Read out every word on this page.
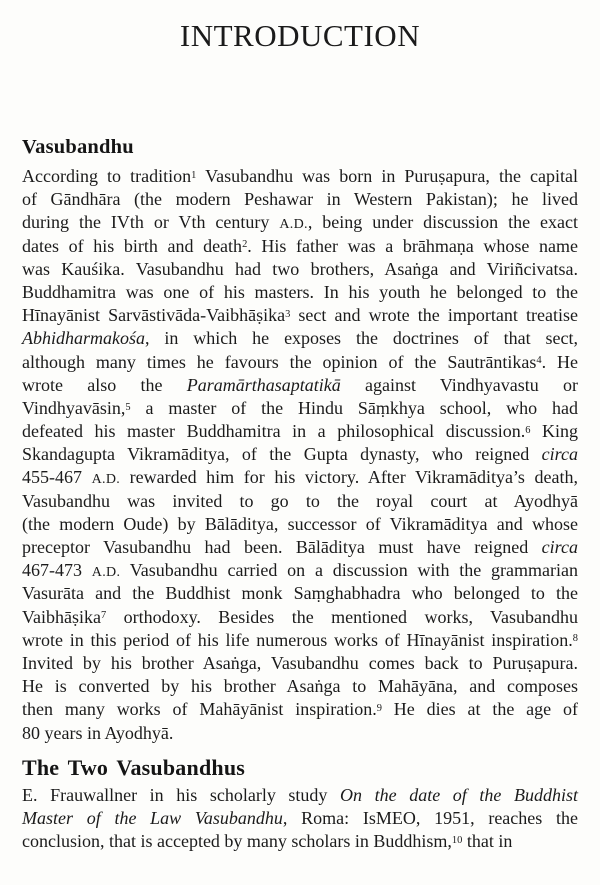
INTRODUCTION
Vasubandhu
According to tradition$^1$ Vasubandhu was born in Puruṣapura, the capital
of Gāndhāra (the modern Peshawar in Western Pakistan); he lived
during the IVth or Vth century A.D., being under discussion the exact
dates of his birth and death$^2$. His father was a brāhmaṇa whose name
was Kauśika. Vasubandhu had two brothers, Asaṅga and Viriñcivatsa.
Buddhamitra was one of his masters. In his youth he belonged to the
Hīnayānist Sarvāstivāda-Vaibhāṣika$^3$ sect and wrote the important treatise
Abhidharmakośa, in which he exposes the doctrines of that sect,
although many times he favours the opinion of the Sautrāntikas$^4$. He
wrote also the Paramārthasaptatikā against Vindhyavastu or
Vindhyavāsin,$^5$ a master of the Hindu Sāṃkhya school, who had
defeated his master Buddhamitra in a philosophical discussion.$^6$ King
Skandagupta Vikramāditya, of the Gupta dynasty, who reigned circa
455-467 A.D. rewarded him for his victory. After Vikramāditya’s death,
Vasubandhu was invited to go to the royal court at Ayodhyā
(the modern Oude) by Bālāditya, successor of Vikramāditya and whose
preceptor Vasubandhu had been. Bālāditya must have reigned circa
467-473 A.D. Vasubandhu carried on a discussion with the grammarian
Vasurāta and the Buddhist monk Saṃghabhadra who belonged to the
Vaibhāṣika$^7$ orthodoxy. Besides the mentioned works, Vasubandhu
wrote in this period of his life numerous works of Hīnayānist inspiration.$^8$
Invited by his brother Asaṅga, Vasubandhu comes back to Puruṣapura.
He is converted by his brother Asaṅga to Mahāyāna, and composes
then many works of Mahāyānist inspiration.$^9$ He dies at the age of
80 years in Ayodhyā.
The Two Vasubandhus
E. Frauwallner in his scholarly study On the date of the Buddhist
Master of the Law Vasubandhu, Roma: IsMEO, 1951, reaches the
conclusion, that is accepted by many scholars in Buddhism,$^{10}$ that in
